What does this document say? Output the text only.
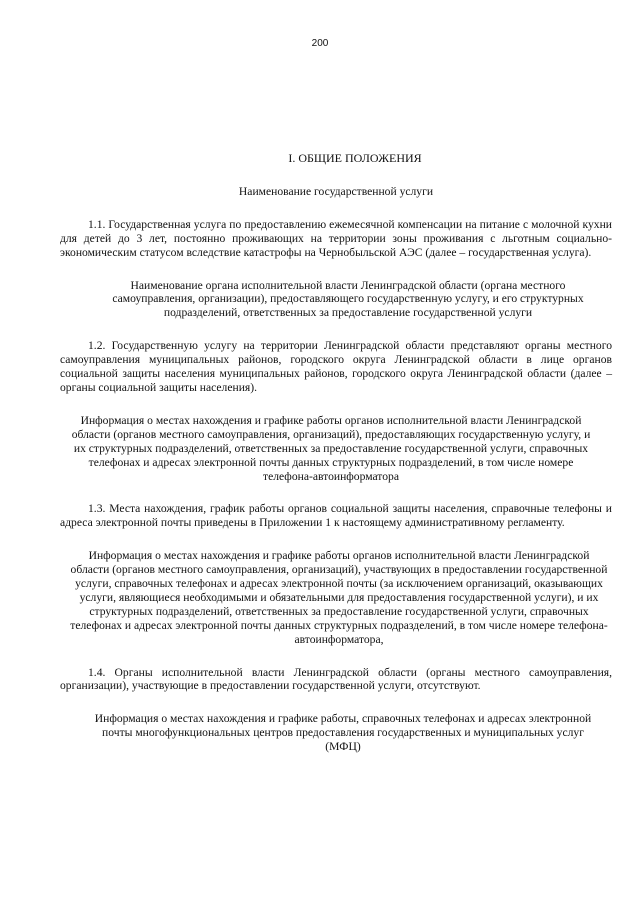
200
I. ОБЩИЕ ПОЛОЖЕНИЯ
Наименование государственной услуги

1.1. Государственная услуга по предоставлению ежемесячной компенсации на питание с молочной кухни для детей до 3 лет, постоянно проживающих на территории зоны проживания с льготным социально-экономическим статусом вследствие катастрофы на Чернобыльской АЭС (далее – государственная услуга).

Наименование органа исполнительной власти Ленинградской области (органа местного самоуправления, организации), предоставляющего государственную услугу, и его структурных подразделений, ответственных за предоставление государственной услуги

1.2. Государственную услугу на территории Ленинградской области представляют органы местного самоуправления муниципальных районов, городского округа Ленинградской области в лице органов социальной защиты населения муниципальных районов, городского округа Ленинградской области (далее – органы социальной защиты населения).

Информация о местах нахождения и графике работы органов исполнительной власти Ленинградской области (органов местного самоуправления, организаций), предоставляющих государственную услугу, и их структурных подразделений, ответственных за предоставление государственной услуги, справочных телефонах и адресах электронной почты данных структурных подразделений, в том числе номере телефона-автоинформатора

1.3. Места нахождения, график работы органов социальной защиты населения, справочные телефоны и адреса электронной почты приведены в Приложении 1 к настоящему административному регламенту.

Информация о местах нахождения и графике работы органов исполнительной власти Ленинградской области (органов местного самоуправления, организаций), участвующих в предоставлении государственной услуги, справочных телефонах и адресах электронной почты (за исключением организаций, оказывающих услуги, являющиеся необходимыми и обязательными для предоставления государственной услуги), и их структурных подразделений, ответственных за предоставление государственной услуги, справочных телефонах и адресах электронной почты данных структурных подразделений, в том числе номере телефона-автоинформатора,

1.4. Органы исполнительной власти Ленинградской области (органы местного самоуправления, организации), участвующие в предоставлении государственной услуги, отсутствуют.

Информация о местах нахождения и графике работы, справочных телефонах и адресах электронной почты многофункциональных центров предоставления государственных и муниципальных услуг (МФЦ)
